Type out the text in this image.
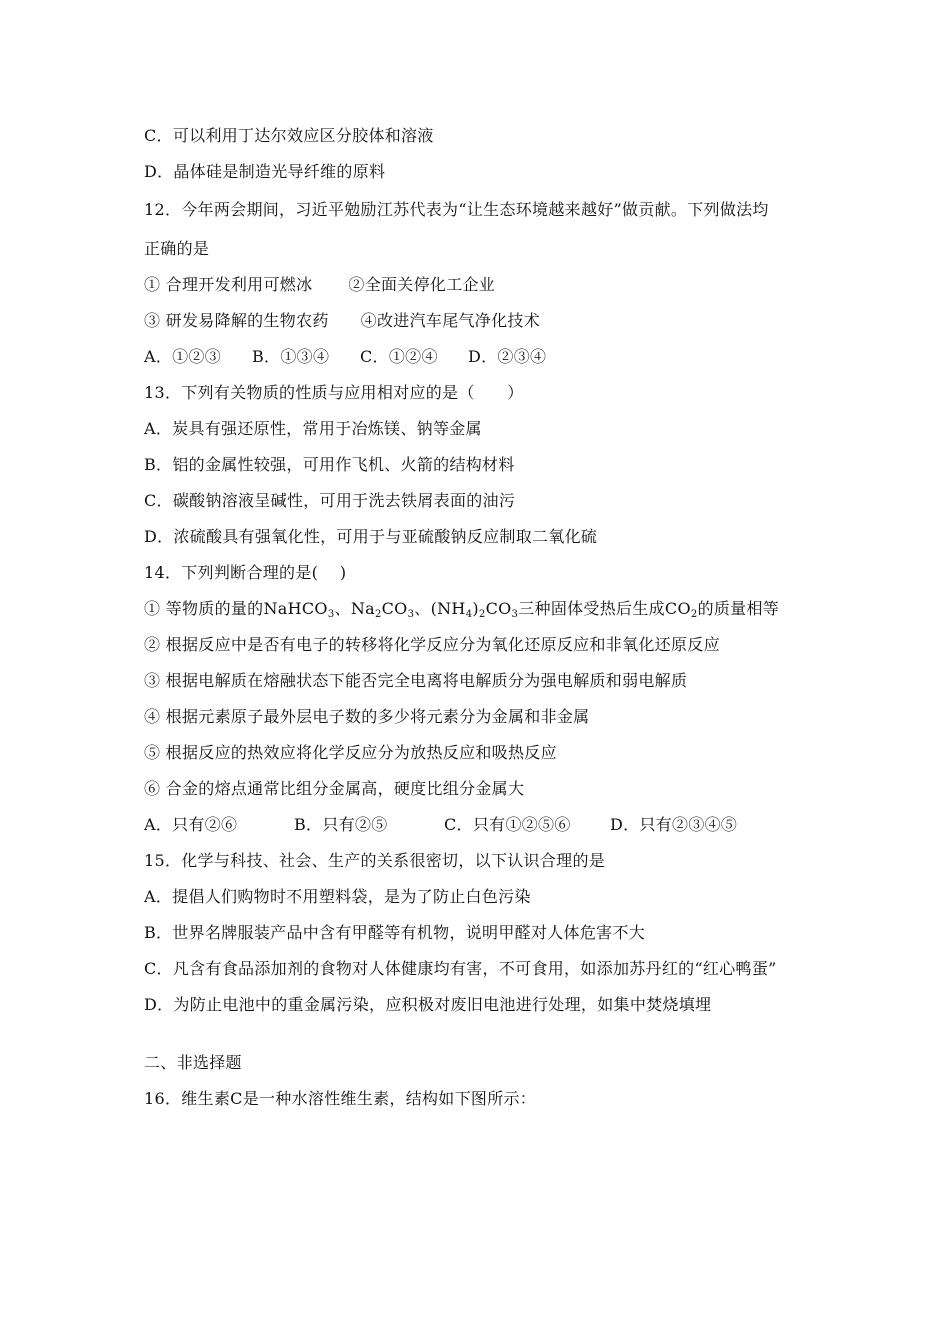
C．可以利用丁达尔效应区分胶体和溶液
D．晶体硅是制造光导纤维的原料
12．今年两会期间，习近平勉励江苏代表为“让生态环境越来越好”做贡献。下列做法均
正确的是
① 合理开发利用可燃冰 ②全面关停化工企业
③ 研发易降解的生物农药 ④改进汽车尾气净化技术
A．①②③ B．①③④ C．①②④ D．②③④
13．下列有关物质的性质与应用相对应的是（　　）
A．炭具有强还原性，常用于冶炼镁、钠等金属
B．铝的金属性较强，可用作飞机、火箭的结构材料
C．碳酸钠溶液呈碱性，可用于洗去铁屑表面的油污
D．浓硫酸具有强氧化性，可用于与亚硫酸钠反应制取二氧化硫
14．下列判断合理的是(　 )
① 等物质的量的NaHCO$_3$、$Na_2CO_3$、$(NH_4)_2CO_3$三种固体受热后生成$CO_2$的质量相等
② 根据反应中是否有电子的转移将化学反应分为氧化还原反应和非氧化还原反应
③ 根据电解质在熔融状态下能否完全电离将电解质分为强电解质和弱电解质
④ 根据元素原子最外层电子数的多少将元素分为金属和非金属
⑤ 根据反应的热效应将化学反应分为放热反应和吸热反应
⑥ 合金的熔点通常比组分金属高，硬度比组分金属大
A．只有②⑥	B．只有②⑤	C．只有①②⑤⑥ D．只有②③④⑤
15．化学与科技、社会、生产的关系很密切，以下认识合理的是
A．提倡人们购物时不用塑料袋，是为了防止白色污染
B．世界名牌服装产品中含有甲醛等有机物，说明甲醛对人体危害不大
C．凡含有食品添加剂的食物对人体健康均有害，不可食用，如添加苏丹红的“红心鸭蛋”
D．为防止电池中的重金属污染，应积极对废旧电池进行处理，如集中焚烧填埋
二、非选择题
16．维生素C是一种水溶性维生素，结构如下图所示：
